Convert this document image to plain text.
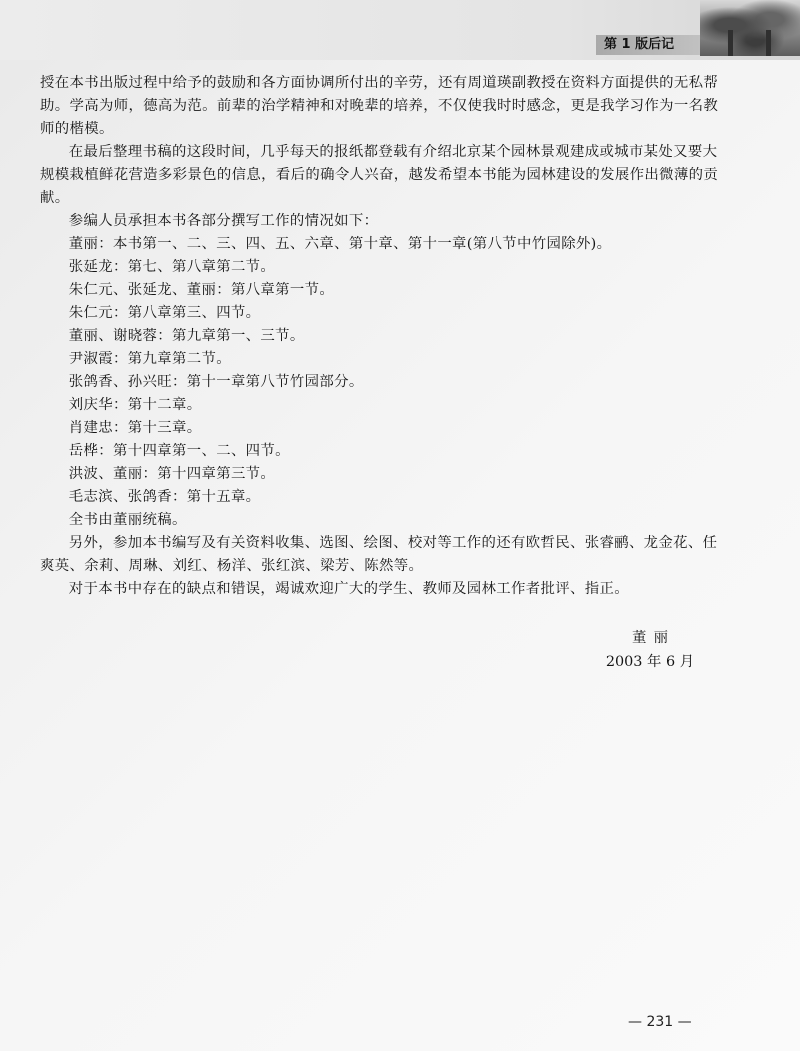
第 1 版后记

授在本书出版过程中给予的鼓励和各方面协调所付出的辛劳，还有周道瑛副教授在资料方面提供的无私帮助。学高为师，德高为范。前辈的治学精神和对晚辈的培养，不仅使我时时感念，更是我学习作为一名教师的楷模。

在最后整理书稿的这段时间，几乎每天的报纸都登载有介绍北京某个园林景观建成或城市某处又要大规模栽植鲜花营造多彩景色的信息，看后的确令人兴奋，越发希望本书能为园林建设的发展作出微薄的贡献。

参编人员承担本书各部分撰写工作的情况如下：

董丽：本书第一、二、三、四、五、六章、第十章、第十一章(第八节中竹园除外)。

张延龙：第七、第八章第二节。

朱仁元、张延龙、董丽：第八章第一节。

朱仁元：第八章第三、四节。

董丽、谢晓蓉：第九章第一、三节。

尹淑霞：第九章第二节。

张鸽香、孙兴旺：第十一章第八节竹园部分。

刘庆华：第十二章。

肖建忠：第十三章。

岳桦：第十四章第一、二、四节。

洪波、董丽：第十四章第三节。

毛志滨、张鸽香：第十五章。

全书由董丽统稿。

另外，参加本书编写及有关资料收集、选图、绘图、校对等工作的还有欧哲民、张睿鹂、龙金花、任爽英、余莉、周琳、刘红、杨洋、张红滨、梁芳、陈然等。

对于本书中存在的缺点和错误，竭诚欢迎广大的学生、教师及园林工作者批评、指正。

董丽
2003 年 6 月
— 231 —
